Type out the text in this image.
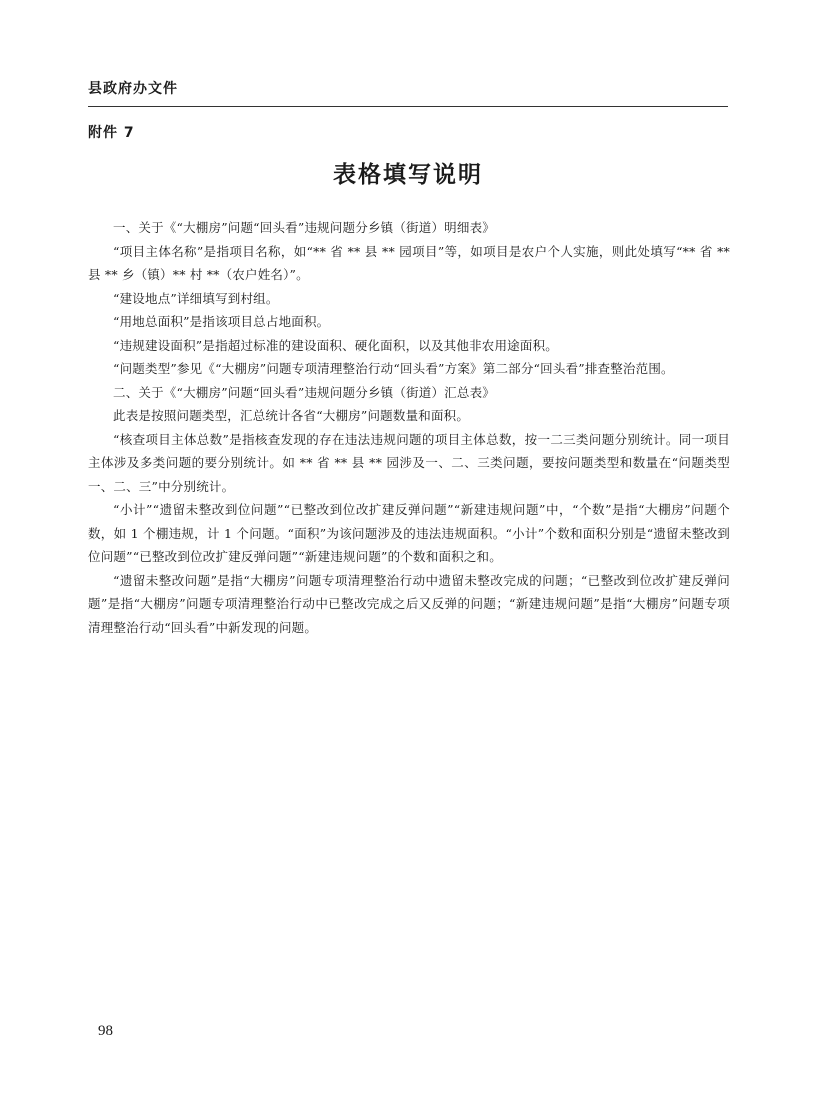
县政府办文件
附件 7
表格填写说明

一、关于《“大棚房”问题“回头看”违规问题分乡镇（街道）明细表》

“项目主体名称”是指项目名称，如“** 省 ** 县 ** 园项目”等，如项目是农户个人实施，则此处填写“** 省 ** 县 ** 乡（镇）** 村 **（农户姓名）”。

“建设地点”详细填写到村组。

“用地总面积”是指该项目总占地面积。

“违规建设面积”是指超过标准的建设面积、硬化面积，以及其他非农用途面积。

“问题类型”参见《“大棚房”问题专项清理整治行动“回头看”方案》第二部分“回头看”排查整治范围。

二、关于《“大棚房”问题“回头看”违规问题分乡镇（街道）汇总表》

此表是按照问题类型，汇总统计各省“大棚房”问题数量和面积。

“核查项目主体总数”是指核查发现的存在违法违规问题的项目主体总数，按一二三类问题分别统计。同一项目主体涉及多类问题的要分别统计。如 ** 省 ** 县 ** 园涉及一、二、三类问题，要按问题类型和数量在“问题类型一、二、三”中分别统计。

“小计”“遗留未整改到位问题”“已整改到位改扩建反弹问题”“新建违规问题”中，“个数”是指“大棚房”问题个数，如 1 个棚违规，计 1 个问题。“面积”为该问题涉及的违法违规面积。“小计”个数和面积分别是“遗留未整改到位问题”“已整改到位改扩建反弹问题”“新建违规问题”的个数和面积之和。

“遗留未整改问题”是指“大棚房”问题专项清理整治行动中遗留未整改完成的问题；“已整改到位改扩建反弹问题”是指“大棚房”问题专项清理整治行动中已整改完成之后又反弹的问题；“新建违规问题”是指“大棚房”问题专项清理整治行动“回头看”中新发现的问题。

98
